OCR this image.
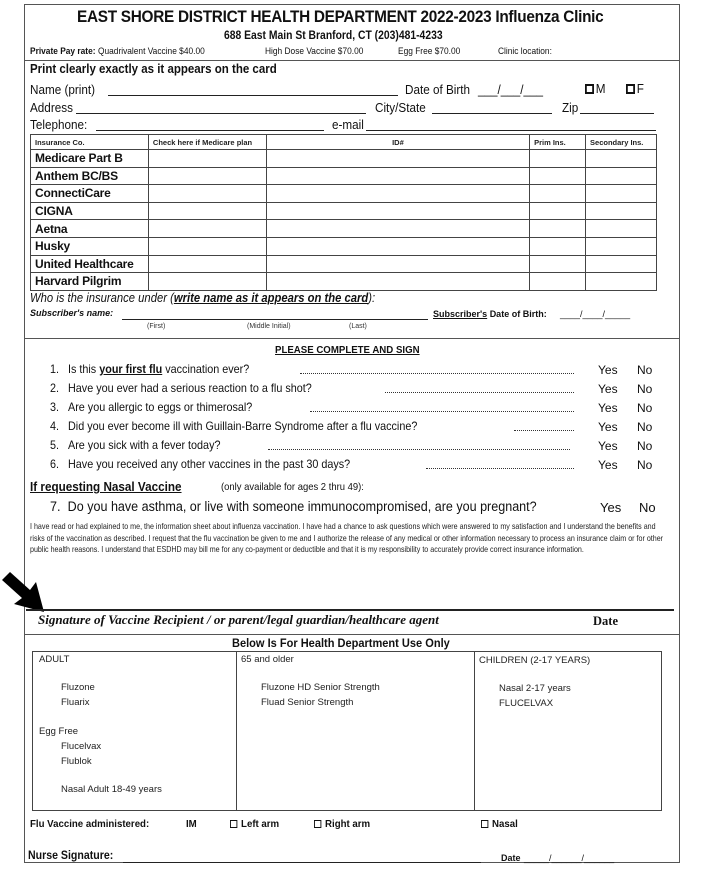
EAST SHORE DISTRICT HEALTH DEPARTMENT 2022-2023 Influenza Clinic
688 East Main St Branford, CT (203)481-4233
Private Pay rate: Quadrivalent Vaccine $40.00	High Dose Vaccine $70.00	Egg Free $70.00	Clinic location:
Print clearly exactly as it appears on the card
Name (print)	Date of Birth ___/___/___	M	F
Address	City/State	Zip
Telephone:	e-mail
Insurance Co.	Check here if Medicare plan	ID#	Prim Ins.	Secondary Ins.
Medicare Part B				
Anthem BC/BS				
ConnectiCare				
CIGNA				
Aetna				
Husky				
United Healthcare				
Harvard Pilgrim				
Who is the insurance under (write name as it appears on the card):
Subscriber's name:
(First)	(Middle Initial)	(Last)
Subscriber's Date of Birth: ____/____/_____
PLEASE COMPLETE AND SIGN
1. Is this your first flu vaccination ever?	Yes No
2. Have you ever had a serious reaction to a flu shot?	Yes No
3. Are you allergic to eggs or thimerosal?	Yes No
4. Did you ever become ill with Guillain-Barre Syndrome after a flu vaccine?	Yes No
5. Are you sick with a fever today?	Yes No
6. Have you received any other vaccines in the past 30 days?	Yes No
If requesting Nasal Vaccine	(only available for ages 2 thru 49):
7. Do you have asthma, or live with someone immunocompromised, are you pregnant?	Yes No
I have read or had explained to me, the information sheet about influenza vaccination. I have had a chance to ask questions which were answered to my satisfaction and I understand the benefits and risks of the vaccination as described. I request that the flu vaccination be given to me and I authorize the release of any medical or other information necessary to process an insurance claim or for other public health reasons. I understand that ESDHD may bill me for any co-payment or deductible and that it is my responsibility to accurately provide correct insurance information.
Signature of Vaccine Recipient / or parent/legal guardian/healthcare agent	Date
Below Is For Health Department Use Only
ADULT
Fluzone
Fluarix
Egg Free
Flucelvax
Flublok
Nasal Adult 18-49 years
65 and older
Fluzone HD Senior Strength
Fluad Senior Strength
CHILDREN (2-17 YEARS)
Nasal 2-17 years
FLUCELVAX
Flu Vaccine administered:	IM	Left arm	Right arm	Nasal
Nurse Signature:	Date _____/______/______
